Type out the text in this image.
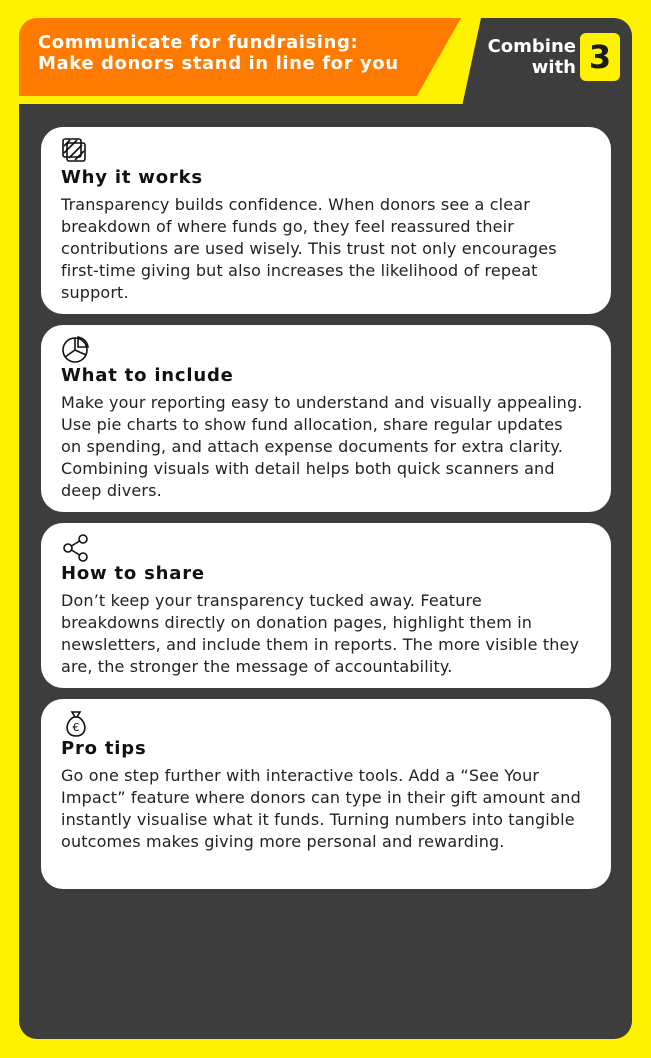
Communicate for fundraising:
Make donors stand in line for you
Combine
with 3
Why it works

Transparency builds confidence. When donors see a clear breakdown of where funds go, they feel reassured their contributions are used wisely. This trust not only encourages first-time giving but also increases the likelihood of repeat support.

What to include

Make your reporting easy to understand and visually appealing. Use pie charts to show fund allocation, share regular updates on spending, and attach expense documents for extra clarity. Combining visuals with detail helps both quick scanners and deep divers.

How to share

Don’t keep your transparency tucked away. Feature breakdowns directly on donation pages, highlight them in newsletters, and include them in reports. The more visible they are, the stronger the message of accountability.

€
Pro tips

Go one step further with interactive tools. Add a “See Your Impact” feature where donors can type in their gift amount and instantly visualise what it funds. Turning numbers into tangible outcomes makes giving more personal and rewarding.
